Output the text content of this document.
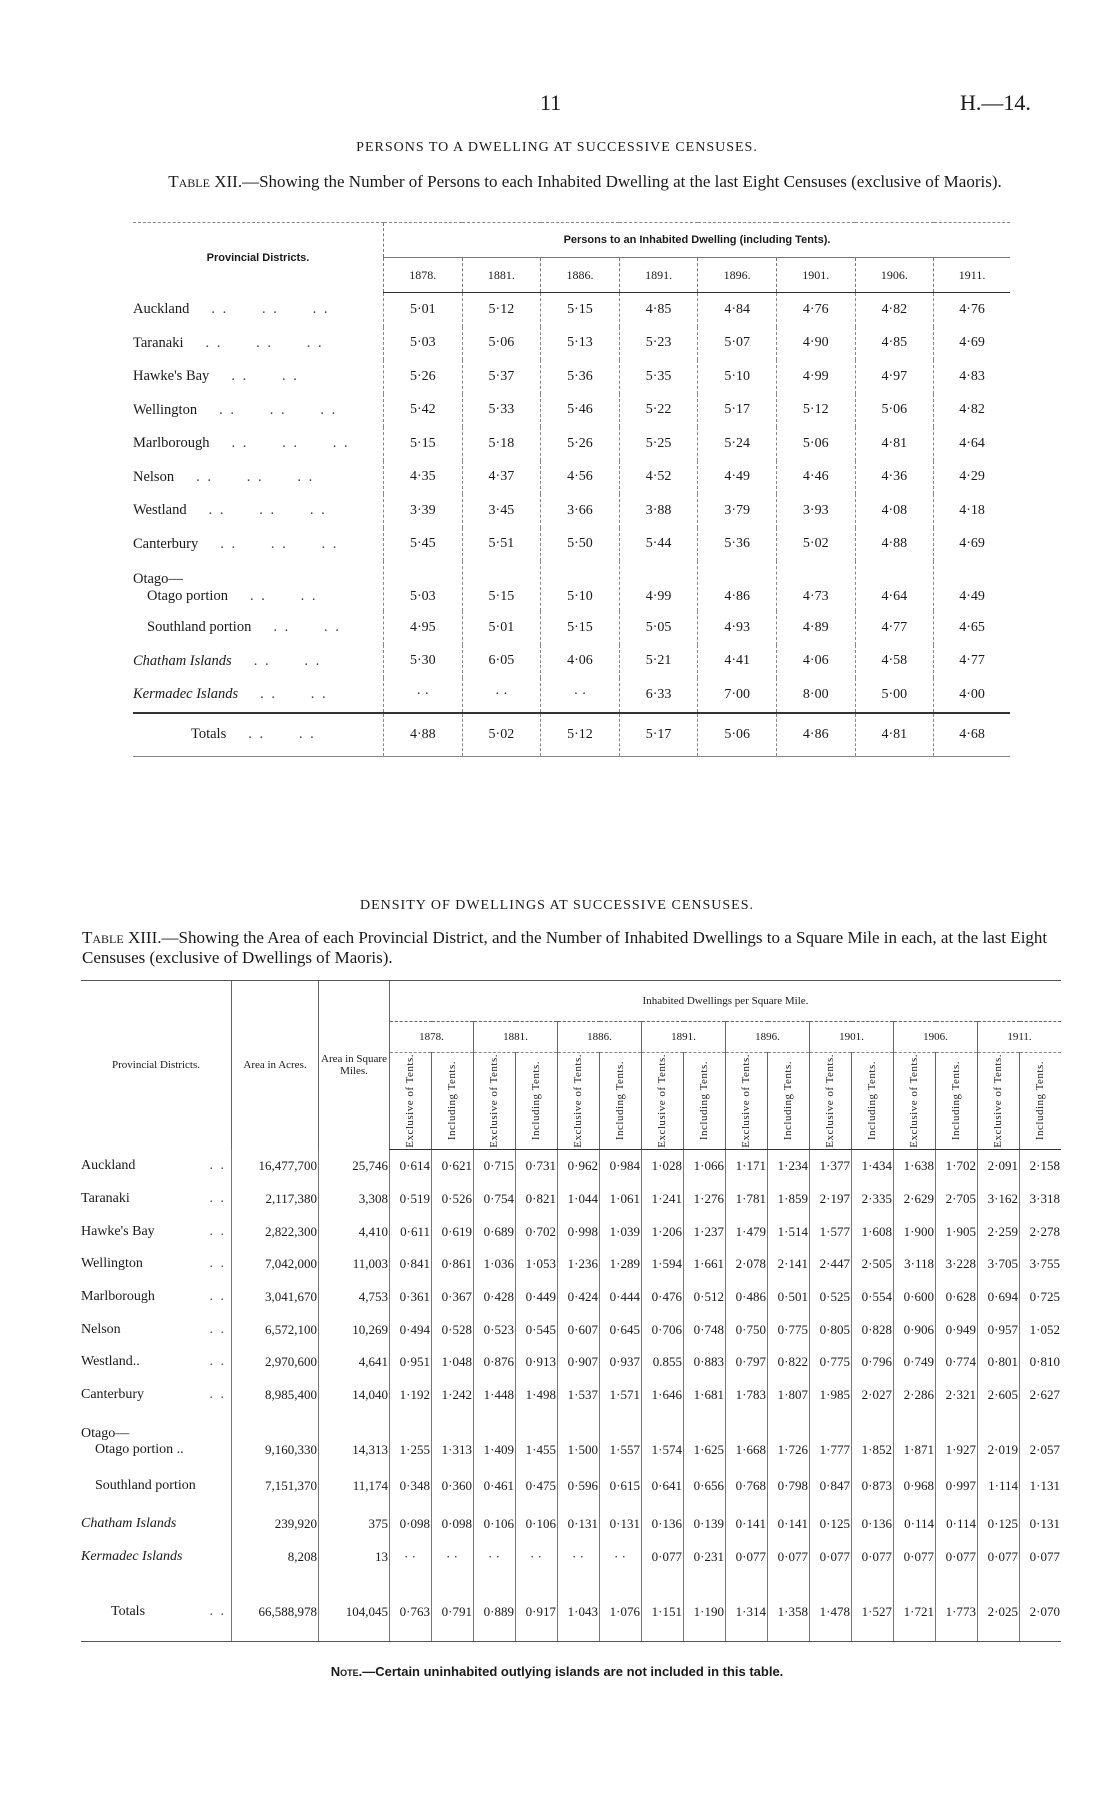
11	H.—14.
PERSONS TO A DWELLING AT SUCCESSIVE CENSUSES.
Table XII.—Showing the Number of Persons to each Inhabited Dwelling at the last Eight Censuses (exclusive of Maoris).
Provincial Districts.	Persons to an Inhabited Dwelling (including Tents).							
	1878.	1881.	1886.	1891.	1896.	1901.	1906.	1911.
Auckland . .      . .      . .	5·01	5·12	5·15	4·85	4·84	4·76	4·82	4·76
Taranaki . .      . .      . .	5·03	5·06	5·13	5·23	5·07	4·90	4·85	4·69
Hawke's Bay . .      . .	5·26	5·37	5·36	5·35	5·10	4·99	4·97	4·83
Wellington . .      . .      . .	5·42	5·33	5·46	5·22	5·17	5·12	5·06	4·82
Marlborough . .      . .      . .	5·15	5·18	5·26	5·25	5·24	5·06	4·81	4·64
Nelson . .      . .      . .	4·35	4·37	4·56	4·52	4·49	4·46	4·36	4·29
Westland . .      . .      . .	3·39	3·45	3·66	3·88	3·79	3·93	4·08	4·18
Canterbury . .      . .      . .	5·45	5·51	5·50	5·44	5·36	5·02	4·88	4·69

Otago—
Otago portion . .      . .	5·03	5·15	5·10	4·99	4·86	4·73	4·64	4·49
Southland portion . .      . .	4·95	5·01	5·15	5·05	4·93	4·89	4·77	4·65
Chatham Islands . .      . .	5·30	6·05	4·06	5·21	4·41	4·06	4·58	4·77
Kermadec Islands . .      . .	· ·	· ·	· ·	6·33	7·00	8·00	5·00	4·00
Totals . .      . .	4·88	5·02	5·12	5·17	5·06	4·86	4·81	4·68
DENSITY OF DWELLINGS AT SUCCESSIVE CENSUSES.
Table XIII.—Showing the Area of each Provincial District, and the Number of Inhabited Dwellings to a Square Mile in each, at the last Eight Censuses (exclusive of Dwellings of Maoris).
Provincial Districts.	Area in Acres.	Area in Square Miles.	Inhabited Dwellings per Square Mile.															
			1878.		1881.		1886.		1891.		1896.		1901.		1906.		1911.	

			Exclusive of Tents.	Including Tents.	Exclusive of Tents.	Including Tents.	Exclusive of Tents.	Including Tents.	Exclusive of Tents.	Including Tents.	Exclusive of Tents.	Including Tents.	Exclusive of Tents.	Including Tents.	Exclusive of Tents.	Including Tents.	Exclusive of Tents.	Including Tents.

Auckland . .	16,477,700	25,746	0·614	0·621	0·715	0·731	0·962	0·984	1·028	1·066	1·171	1·234	1·377	1·434	1·638	1·702	2·091	2·158
Taranaki . .	2,117,380	3,308	0·519	0·526	0·754	0·821	1·044	1·061	1·241	1·276	1·781	1·859	2·197	2·335	2·629	2·705	3·162	3·318
Hawke's Bay . .	2,822,300	4,410	0·611	0·619	0·689	0·702	0·998	1·039	1·206	1·237	1·479	1·514	1·577	1·608	1·900	1·905	2·259	2·278
Wellington . .	7,042,000	11,003	0·841	0·861	1·036	1·053	1·236	1·289	1·594	1·661	2·078	2·141	2·447	2·505	3·118	3·228	3·705	3·755
Marlborough . .	3,041,670	4,753	0·361	0·367	0·428	0·449	0·424	0·444	0·476	0·512	0·486	0·501	0·525	0·554	0·600	0·628	0·694	0·725
Nelson . .	6,572,100	10,269	0·494	0·528	0·523	0·545	0·607	0·645	0·706	0·748	0·750	0·775	0·805	0·828	0·906	0·949	0·957	1·052
Westland.. . .	2,970,600	4,641	0·951	1·048	0·876	0·913	0·907	0·937	0.855	0·883	0·797	0·822	0·775	0·796	0·749	0·774	0·801	0·810
Canterbury . .	8,985,400	14,040	1·192	1·242	1·448	1·498	1·537	1·571	1·646	1·681	1·783	1·807	1·985	2·027	2·286	2·321	2·605	2·627

Otago—
Otago portion ..	9,160,330	14,313	1·255	1·313	1·409	1·455	1·500	1·557	1·574	1·625	1·668	1·726	1·777	1·852	1·871	1·927	2·019	2·057
Southland portion	7,151,370	11,174	0·348	0·360	0·461	0·475	0·596	0·615	0·641	0·656	0·768	0·798	0·847	0·873	0·968	0·997	1·114	1·131
Chatham Islands	239,920	375	0·098	0·098	0·106	0·106	0·131	0·131	0·136	0·139	0·141	0·141	0·125	0·136	0·114	0·114	0·125	0·131
Kermadec Islands	8,208	13	· ·	· ·	· ·	· ·	· ·	· ·	0·077	0·231	0·077	0·077	0·077	0·077	0·077	0·077	0·077	0·077
Totals . .	66,588,978	104,045	0·763	0·791	0·889	0·917	1·043	1·076	1·151	1·190	1·314	1·358	1·478	1·527	1·721	1·773	2·025	2·070
Note.—Certain uninhabited outlying islands are not included in this table.
